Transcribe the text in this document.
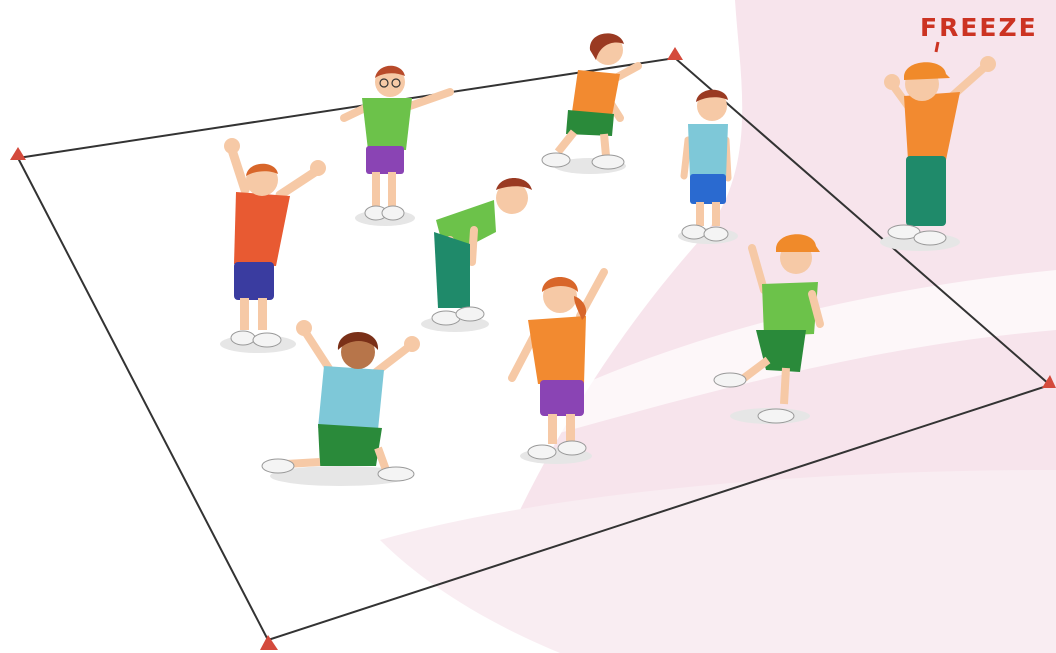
FREEZE
